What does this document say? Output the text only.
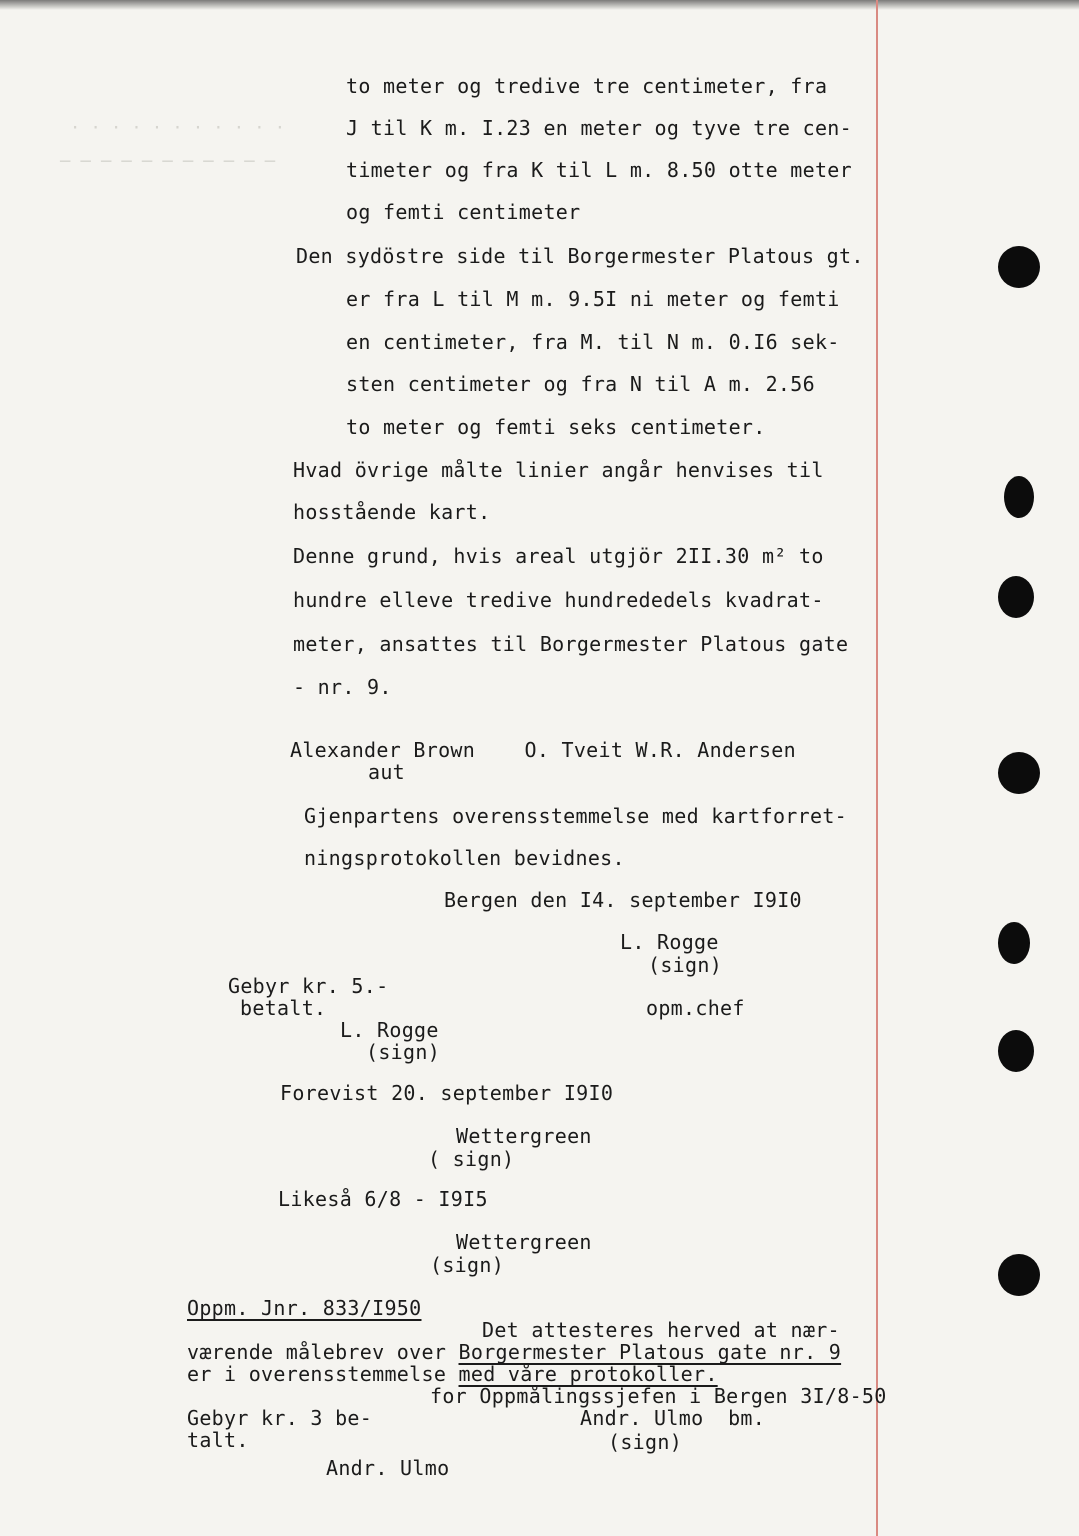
· · · · · · · · · · ·
─ ─ ─ ─ ─ ─ ─ ─ ─ ─ ─
to meter og tredive tre centimeter, fra
J til K m. I.23 en meter og tyve tre cen-
timeter og fra K til L m. 8.50 otte meter
og femti centimeter
Den sydöstre side til Borgermester Platous gt.
er fra L til M m. 9.5I ni meter og femti
en centimeter, fra M. til N m. 0.I6 sek-
sten centimeter og fra N til A m. 2.56
to meter og femti seks centimeter.
Hvad övrige målte linier angår henvises til
hosstående kart.
Denne grund, hvis areal utgjör 2II.30 m² to
hundre elleve tredive hundrededels kvadrat-
meter, ansattes til Borgermester Platous gate
- nr. 9.
Alexander Brown    O. Tveit W.R. Andersen
aut
Gjenpartens overensstemmelse med kartforret-
ningsprotokollen bevidnes.
Bergen den I4. september I9I0
L. Rogge
(sign)
Gebyr kr. 5.-
betalt.	opm.chef
L. Rogge
(sign)
Forevist 20. september I9I0
Wettergreen
( sign)
Likeså 6/8 - I9I5
Wettergreen
(sign)
Oppm. Jnr. 833/I950
Det attesteres herved at nær-
værende målebrev over Borgermester Platous gate nr. 9
er i overensstemmelse med våre protokoller.
for Oppmålingssjefen i Bergen 3I/8-50
Gebyr kr. 3 be-	Andr. Ulmo  bm.
talt.	(sign)
Andr. Ulmo
